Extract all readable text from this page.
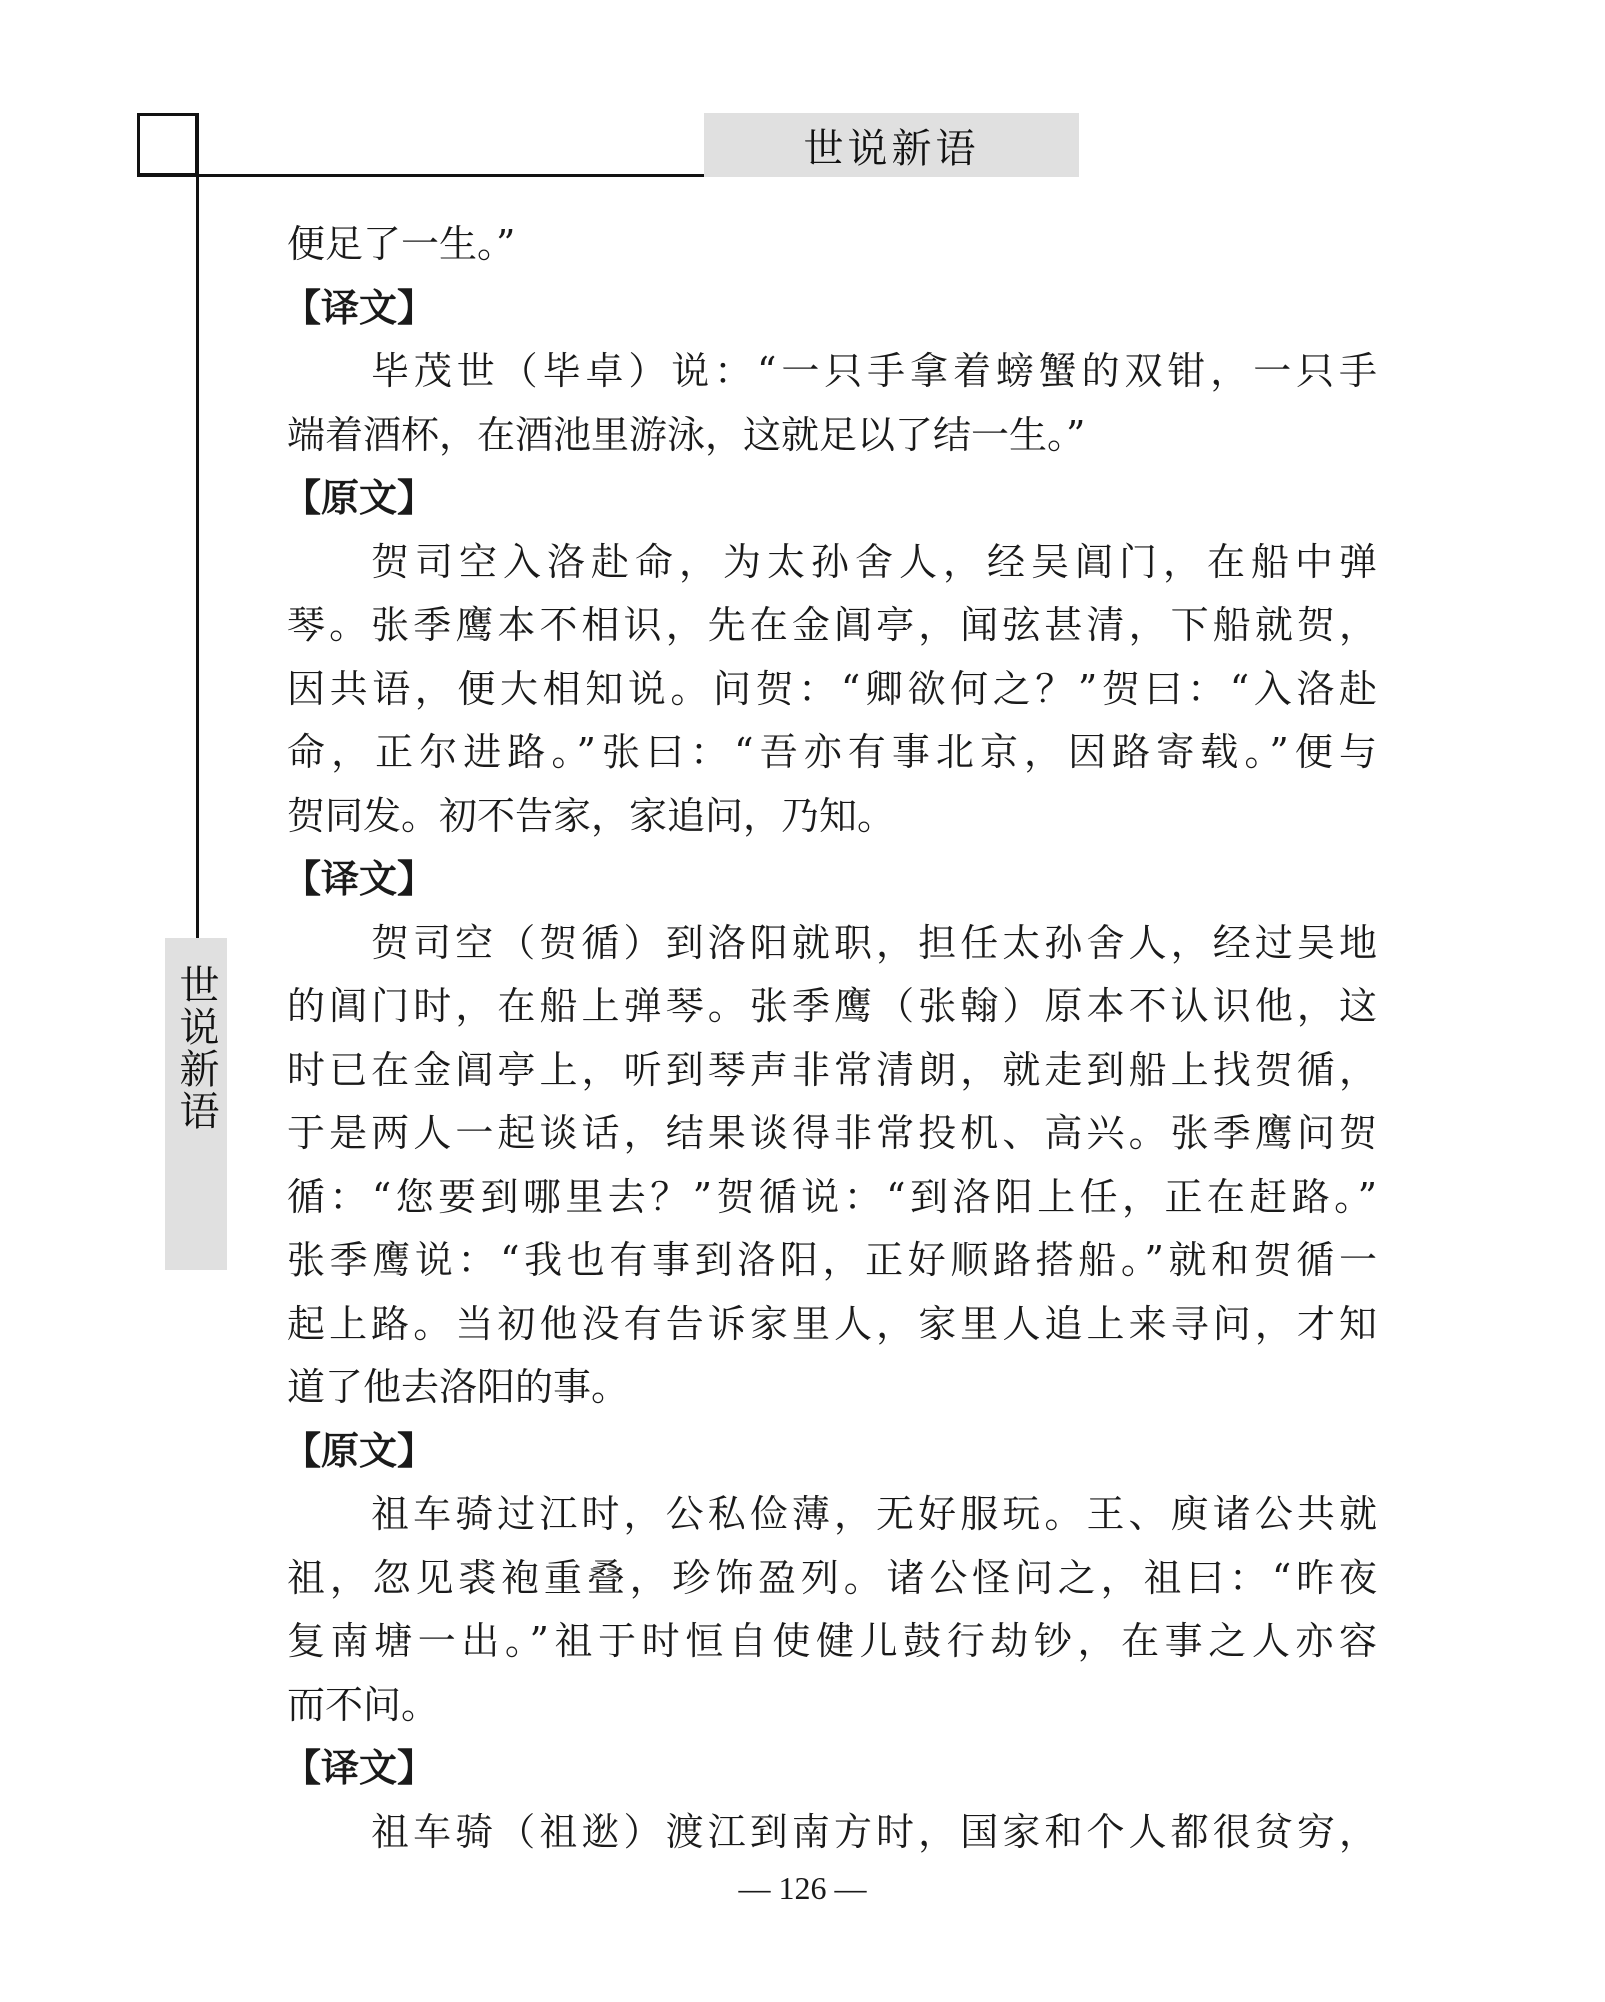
世说新语
世说新语
便足了一生。”
【译文】
毕茂世（毕卓）说：“一只手拿着螃蟹的双钳，一只手
端着酒杯，在酒池里游泳，这就足以了结一生。”
【原文】
贺司空入洛赴命，为太孙舍人，经吴阊门，在船中弹
琴。张季鹰本不相识，先在金阊亭，闻弦甚清，下船就贺，
因共语，便大相知说。问贺：“卿欲何之？”贺曰：“入洛赴
命，正尔进路。”张曰：“吾亦有事北京，因路寄载。”便与
贺同发。初不告家，家追问，乃知。
【译文】
贺司空（贺循）到洛阳就职，担任太孙舍人，经过吴地
的阊门时，在船上弹琴。张季鹰（张翰）原本不认识他，这
时已在金阊亭上，听到琴声非常清朗，就走到船上找贺循，
于是两人一起谈话，结果谈得非常投机、高兴。张季鹰问贺
循：“您要到哪里去？”贺循说：“到洛阳上任，正在赶路。”
张季鹰说：“我也有事到洛阳，正好顺路搭船。”就和贺循一
起上路。当初他没有告诉家里人，家里人追上来寻问，才知
道了他去洛阳的事。
【原文】
祖车骑过江时，公私俭薄，无好服玩。王、庾诸公共就
祖，忽见裘袍重叠，珍饰盈列。诸公怪问之，祖曰：“昨夜
复南塘一出。”祖于时恒自使健儿鼓行劫钞，在事之人亦容
而不问。
【译文】
祖车骑（祖逖）渡江到南方时，国家和个人都很贫穷，
— 126 —
